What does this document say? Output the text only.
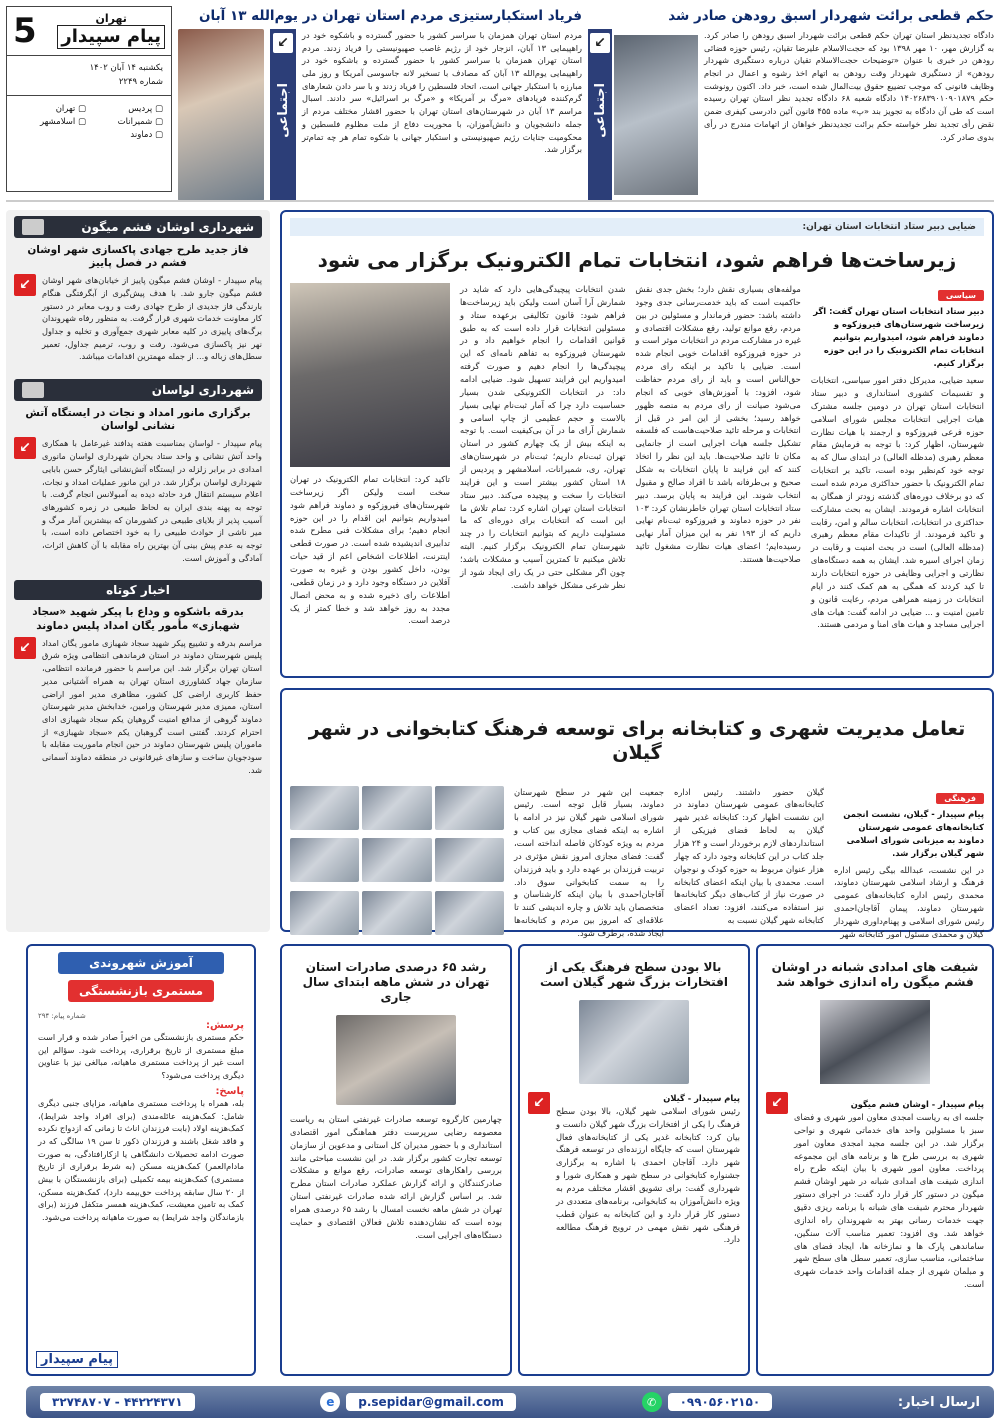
تهران
پیام سپیدار
5
یکشنبه ۱۴ آبان ۱۴۰۲
شماره ۲۲۴۹
▢ پردیس
▢ تهران
▢ شمیرانات
▢ اسلامشهر
▢ دماوند
حکم قطعی برائت شهردار اسبق رودهن صادر شد
دادگاه تجدیدنظر استان تهران حکم قطعی برائت شهردار اسبق رودهن را صادر کرد. به گزارش مهر، ۱۰ مهر ۱۳۹۸ بود که حجت‌الاسلام علیرضا تقیان، رئیس حوزه قضائی رودهن در خبری با عنوان «توضیحات حجت‌الاسلام تقیان درباره دستگیری شهردار رودهن» از دستگیری شهردار وقت رودهن به اتهام اخذ رشوه و اعمال در انجام وظایف قانونی که موجب تضییع حقوق بیت‌المال شده است، خبر داد. اکنون رونوشت حکم ۱۴۰۲۶۸۳۹۰۱۰۹۰۱۸۷۹ دادگاه شعبه ۶۸ دادگاه تجدید نظر استان تهران رسیده است که طی آن دادگاه به تجویز بند «پ» ماده ۴۵۵ قانون آئین دادرسی کیفری ضمن نقض رأی تجدید نظر خواسته حکم برائت تجدیدنظر خواهان از اتهامات مندرج در رأی بدوی صادر کرد.
↙
اجتماعی
فریاد استکبارستیزی مردم استان تهران در یوم‌الله ۱۳ آبان
مردم استان تهران همزمان با سراسر کشور با حضور گسترده و باشکوه خود در راهپیمایی ۱۳ آبان، انزجار خود از رژیم غاصب صهیونیستی را فریاد زدند. مردم استان تهران همزمان با سراسر کشور با حضور گسترده و باشکوه خود در راهپیمایی یوم‌الله ۱۳ آبان که مصادف با تسخیر لانه جاسوسی آمریکا و روز ملی مبارزه با استکبار جهانی است، اتحاد فلسطین را فریاد زدند و با سر دادن شعارهای گرم‌کننده فریادهای «مرگ بر آمریکا» و «مرگ بر اسرائیل» سر دادند. اسبال مراسم ۱۳ آبان در شهرستان‌های استان تهران با حضور اقشار مختلف مردم از جمله دانشجویان و دانش‌آموزان، با محوریت دفاع از ملت مظلوم فلسطین و محکومیت جنایات رژیم صهیونیستی و استکبار جهانی با شکوه تمام هر چه تمام‌تر برگزار شد.
↙
اجتماعی
شهرداری اوشان فشم میگون
فاز جدید طرح جهادی پاکسازی شهر اوشان فشم در فصل پاییز
پیام سپیدار - اوشان فشم میگون پاییز از خیابان‌های شهر اوشان فشم میگون جارو شد. با هدف پیش‌گیری از آبگرفتگی هنگام بارندگی فاز جدیدی از طرح جهادی رفت و روب معابر در دستور کار معاونت خدمات شهری قرار گرفت. به منظور رفاه شهروندان برگ‌های پاییزی در کلیه معابر شهری جمع‌آوری و تخلیه و جداول نهر نیز پاکسازی می‌شود. رفت و روب، ترمیم جداول، تعمیر سطل‌های زباله و... از جمله مهمترین اقدامات میباشد.
↙
شهرداری لواسان
برگزاری مانور امداد و نجات در ایستگاه آتش نشانی لواسان
پیام سپیدار - لواسان بمناسبت هفته پدافند غیرعامل با همکاری واحد آتش نشانی و واحد ستاد بحران شهرداری لواسان مانوری امدادی در برابر زلزله در ایستگاه آتش‌نشانی ایثارگر حسن بابایی شهرداری لواسان برگزار شد. در این مانور عملیات امداد و نجات، اعلام سیستم انتقال فرد حادثه دیده به آمبولانس انجام گرفت. با توجه به پهنه بندی ایران به لحاظ طبیعی در زمره کشورهای آسیب پذیر از بلایای طبیعی در کشورمان که بیشترین آمار مرگ و میر ناشی از حوادث طبیعی را به خود اختصاص داده است، با توجه به عدم پیش بینی آن بهترین راه مقابله با آن کاهش اثرات، آمادگی و آموزش است.
↙
اخبار کوتاه
بدرقه باشکوه و وداع با پیکر شهید «سجاد شهبازی» مأمور یگان امداد پلیس دماوند
مراسم بدرقه و تشییع پیکر شهید سجاد شهبازی مامور یگان امداد پلیس شهرستان دماوند در استان فرماندهی انتظامی ویژه شرق استان تهران برگزار شد. این مراسم با حضور فرمانده انتظامی، سازمان جهاد کشاورزی استان تهران به همراه آشتیانی مدیر حفظ کاربری اراضی کل کشور، مظاهری مدیر امور اراضی استان، ممیزی مدیر شهرستان ورامین، خدابخش مدیر شهرستان دماوند گروهی از مدافع امنیت گروهیان یکم سجاد شهبازی ادای احترام کردند. گفتنی است گروهبان یکم «سجاد شهبازی» از ماموران پلیس شهرستان دماوند در حین انجام ماموریت مقابله با سودجویان ساخت و سازهای غیرقانونی در منطقه دماوند آسمانی شد.
↙
ضیایی دبیر ستاد انتخابات استان تهران:
زیرساخت‌ها فراهم شود، انتخابات تمام الکترونیک برگزار می شود
سیاسی
دبیر ستاد انتخابات استان تهران گفت: اگر زیرساخت شهرستان‌های فیروزکوه و دماوند فراهم شود، امیدواریم بتوانیم انتخابات تمام الکترونیک را در این حوزه برگزار کنیم.
سعید ضیایی، مدیرکل دفتر امور سیاسی، انتخابات و تقسیمات کشوری استانداری و دبیر ستاد انتخابات استان تهران در دومین جلسه مشترک هیات اجرایی انتخابات مجلس شورای اسلامی حوزه فرعی فیروزکوه و ارجمند با هیات نظارت شهرستان، اظهار کرد: با توجه به فرمایش مقام معظم رهبری (مدظله العالی) در ابتدای سال که به توجه خود کم‌نظیر بوده است، تاکید بر انتخابات تمام الکترونیک با حضور حداکثری مردم شده است که دو برخلاف دوره‌های گذشته زودتر از همگان به انتخابات اشاره فرمودند. ایشان به بحث مشارکت حداکثری در انتخابات، انتخابات سالم و امن، رقابت و تاکید فرمودند. از تاکیدات مقام معظم رهبری (مدظله العالی) است در بحث امنیت و رقابت در زمان اجرای اسیره شد. ایشان به همه دستگاه‌های نظارتی و اجرایی وظایفی در حوزه انتخابات دارند تا کید کردند که همگی به هم کمک کنند در ایام انتخابات در زمینه همراهی مردم، رعایت قانون و تامین امنیت و ... ضیایی در ادامه گفت: هیات های اجرایی مساجد و هیات های امنا و مردمی هستند.
مولفه‌های بسیاری نقش دارد؛ بخش جدی نقش حاکمیت است که باید خدمت‌رسانی جدی وجود داشته باشد: حضور فرماندار و مسئولین در بین مردم، رفع موانع تولید، رفع مشکلات اقتصادی و غیره در مشارکت مردم در انتخابات موثر است و در حوزه فیروزکوه اقدامات خوبی انجام شده است. ضیایی با تاکید بر اینکه رای مردم حق‌الناس است و باید از رای مردم حفاظت شود، افزود: با آموزش‌های خوبی که انجام می‌شود صیانت از رای مردم به منصه ظهور خواهد رسید؛ بخشی از این امر در قبل از انتخابات و مرحله تائید صلاحیت‌هاست که فلسفه تشکیل جلسه هیات اجرایی است از جانمایی مکان تا تائید صلاحیت‌ها. باید این نظر را اتخاذ کنند که این فرایند تا پایان انتخابات به شکل صحیح و بی‌طرفانه باشد تا افراد صالح و مقبول انتخاب شوند. این فرایند به پایان برسد. دبیر ستاد انتخابات استان تهران خاطرنشان کرد: ۱۰۳ نفر در حوزه دماوند و فیروزکوه ثبت‌نام نهایی داریم که از ۱۹۳ نفر به این میزان آمار نهایی رسیده‌ایم؛ اعضای هیات نظارت مشغول تائید صلاحیت‌ها هستند.
شدن انتخابات پیچیدگی‌هایی دارد که شاید در شمارش آرا آسان است ولیکن باید زیرساخت‌ها فراهم شود: قانون تکالیفی برعهده ستاد و مسئولین انتخابات قرار داده است که به طبق قوانین اقدامات را انجام خواهیم داد و در شهرستان فیروزکوه به تفاهم نامه‌ای که این پیچیدگی‌ها را انجام دهیم و صورت گرفته امیدواریم این فرایند تسهیل شود. ضیایی ادامه داد: در انتخابات الکترونیکی شدن بسیار حساسیت دارد چرا که آمار ثبت‌نام نهایی بسیار بالاست و حجم عظیمی از چاپ اسامی و شمارش آرای ما در آن بی‌کیفیت است. با توجه به اینکه بیش از یک چهارم کشور در استان تهران ثبت‌نام داریم؛ ثبت‌نام در شهرستان‌های تهران، ری، شمیرانات، اسلامشهر و پردیس از ۱۸ استان کشور بیشتر است و این فرایند انتخابات را سخت و پیچیده می‌کند. دبیر ستاد انتخابات استان تهران اشاره کرد: تمام تلاش ما این است که انتخابات برای دوره‌ای که ما مسئولیت داریم که بتوانیم انتخابات را در چند شهرستان تمام الکترونیک برگزار کنیم. البته تلاش میکنیم تا کمترین آسیب و مشکلات باشد؛ چون اگر مشکلی حتی در یک رای ایجاد شود از نظر شرعی مشکل خواهد داشت.
تاکید کرد: انتخابات تمام الکترونیک در تهران سخت است ولیکن اگر زیرساخت شهرستان‌های فیروزکوه و دماوند فراهم شود امیدواریم بتوانیم این اقدام را در این حوزه انجام دهیم؛ برای مشکلات فنی مطرح شده تدابیری اندیشیده شده است. در صورت قطعی اینترنت، اطلاعات اشخاص اعم از قید حیات بودن، داخل کشور بودن و غیره به صورت آفلاین در دستگاه وجود دارد و در زمان قطعی، اطلاعات رای ذخیره شده و به محض اتصال مجدد به روز خواهد شد و خطا کمتر از یک درصد است.
تعامل مدیریت شهری و کتابخانه برای توسعه فرهنگ کتابخوانی در شهر گیلان
فرهنگی
پیام سپیدار - گیلان، نشست انجمن کتابخانه‌های عمومی شهرستان دماوند به میزبانی شورای اسلامی شهر گیلان برگزار شد.
در این نشست، عبدالله بیگی رئیس اداره فرهنگ و ارشاد اسلامی شهرستان دماوند، محمدی رئیس اداره کتابخانه‌های عمومی شهرستان دماوند، پیمان آقاجان‌احمدی رئیس شورای اسلامی و پهنام‌داوری شهردار گیلان و محمدی مسئول امور کتابخانه شهر
گیلان حضور داشتند. رئیس اداره کتابخانه‌های عمومی شهرستان دماوند در این نشست اظهار کرد: کتابخانه غدیر شهر گیلان به لحاظ فضای فیزیکی از استانداردهای لازم برخوردار است و ۲۴ هزار جلد کتاب در این کتابخانه وجود دارد که چهار هزار عنوان مربوط به حوزه کودک و نوجوان است. محمدی با بیان اینکه اعضای کتابخانه در صورت نیاز از کتاب‌های دیگر کتابخانه‌ها نیز استفاده می‌کنند، افزود: تعداد اعضای کتابخانه شهر گیلان نسبت به
جمعیت این شهر در سطح شهرستان دماوند، بسیار قابل توجه است. رئیس شورای اسلامی شهر گیلان نیز در ادامه با اشاره به اینکه فضای مجازی بین کتاب و مردم به ویژه کودکان فاصله انداخته است، گفت: فضای مجازی امروز نقش مؤثری در تربیت فرزندان بر عهده دارد و باید فرزندان را به سمت کتابخوانی سوق داد. آقاجان‌احمدی با بیان اینکه کارشناسان و متخصصان باید تلاش و چاره اندیشی کنند تا علاقه‌ای که امروز بین مردم و کتابخانه‌ها ایجاد شده، برطرف شود.
آموزش شهروندی
مستمری بازنشستگی
شماره پیام: ۲۹۴
پرسش:
حکم مستمری بازنشستگی من اخیراً صادر شده و قرار است مبلغ مستمری از تاریخ برقراری، پرداخت شود. سؤالم این است غیر از پرداخت مستمری ماهیانه، مبالغی نیز با عناوین دیگری پرداخت می‌شود؟
پاسخ:
بله، همراه با پرداخت مستمری ماهیانه، مزایای جنبی دیگری شامل: کمک‌هزینه عائله‌مندی (برای افراد واجد شرایط)، کمک‌هزینه اولاد (بابت فرزندان اناث تا زمانی که ازدواج نکرده و فاقد شغل باشند و فرزندان ذکور تا سن ۱۹ سالگی که در صورت ادامه تحصیلات دانشگاهی یا ازکارافتادگی، به صورت مادام‌العمر) کمک‌هزینه مسکن (به شرط برقراری از تاریخ مستمری) کمک‌هزینه بیمه تکمیلی (برای بازنشستگان با بیش از ۲۰ سال سابقه پرداخت حق‌بیمه دارد)، کمک‌هزینه مسکن، کمک به تامین معیشت، کمک‌هزینه همسر متکفل فرزند (برای بازماندگان واجد شرایط) به صورت ماهیانه پرداخت می‌شود.
پیام سپیدار
شیفت های امدادی شبانه در اوشان فشم میگون راه اندازی خواهد شد
پیام سپیدار - اوشان فشم میگون
جلسه ای به ریاست امجدی معاون امور شهری و فضای سبز با مسئولین واحد های خدماتی شهری و نواحی برگزار شد. در این جلسه مجید امجدی معاون امور شهری به بررسی طرح ها و برنامه های این مجموعه پرداخت. معاون امور شهری با بیان اینکه طرح راه اندازی شیفت های امدادی شبانه در شهر اوشان فشم میگون در دستور کار قرار دارد گفت: در اجرای دستور شهردار محترم شیفت های شبانه با برنامه ریزی دقیق جهت خدمات رسانی بهتر به شهروندان راه اندازی خواهد شد. وی افزود: تعمیر مناسب آلات سنگین، ساماندهی پارک ها و نمازخانه ها، ایجاد فضای های ساختمانی، مناسب سازی، تعمیر سطل های سطح شهر و مبلمان شهری از جمله اقدامات واحد خدمات شهری است.
↙
بالا بودن سطح فرهنگ یکی از افتخارات بزرگ شهر گیلان است
پیام سپیدار - گیلان
رئیس شورای اسلامی شهر گیلان، بالا بودن سطح فرهنگ را یکی از افتخارات بزرگ شهر گیلان دانست و بیان کرد: کتابخانه غدیر یکی از کتابخانه‌های فعال شهرستان است که جایگاه ارزنده‌ای در توسعه فرهنگ شهر دارد. آقاجان احمدی با اشاره به برگزاری جشنواره کتابخوانی در سطح شهر و همکاری شورا و شهرداری گفت: برای تشویق اقشار مختلف مردم به ویژه دانش‌آموزان به کتابخوانی، برنامه‌های متعددی در دستور کار قرار دارد و این کتابخانه به عنوان قطب فرهنگی شهر نقش مهمی در ترویج فرهنگ مطالعه دارد.
↙
رشد ۶۵ درصدی صادرات استان تهران در شش ماهه ابتدای سال جاری
چهارمین کارگروه توسعه صادرات غیرنفتی استان به ریاست معصومه رضایی سرپرست دفتر هماهنگی امور اقتصادی استانداری و با حضور مدیران کل استانی و مدعوین از سازمان توسعه تجارت کشور برگزار شد. در این نشست مباحثی مانند بررسی راهکارهای توسعه صادرات، رفع موانع و مشکلات صادرکنندگان و ارائه گزارش عملکرد صادرات استان مطرح شد. بر اساس گزارش ارائه شده صادرات غیرنفتی استان تهران در شش ماهه نخست امسال با رشد ۶۵ درصدی همراه بوده است که نشان‌دهنده تلاش فعالان اقتصادی و حمایت دستگاه‌های اجرایی است.
ارسال اخبار:
۰۹۹۰۵۶۰۲۱۵۰
✆
p.sepidar@gmail.com
e
۴۴۲۲۴۳۷۱ - ۳۲۷۴۸۷۰۷
